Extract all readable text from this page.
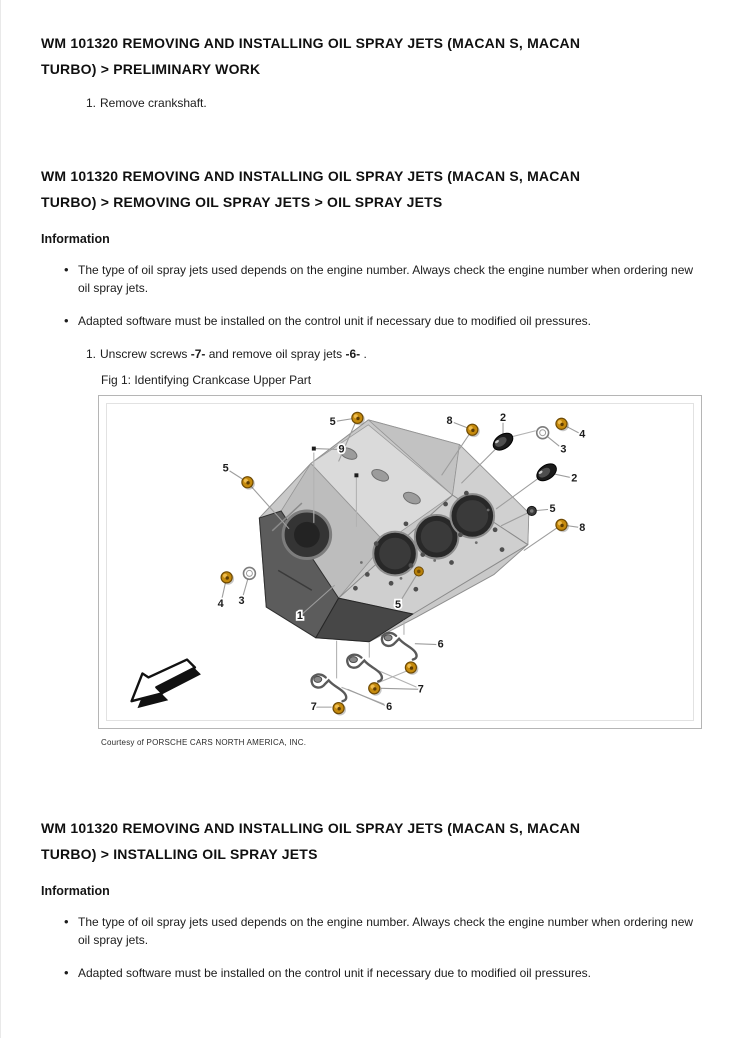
WM 101320 REMOVING AND INSTALLING OIL SPRAY JETS (MACAN S, MACAN
TURBO) > PRELIMINARY WORK
1. Remove crankshaft.
WM 101320 REMOVING AND INSTALLING OIL SPRAY JETS (MACAN S, MACAN
TURBO) > REMOVING OIL SPRAY JETS > OIL SPRAY JETS
Information
• The type of oil spray jets used depends on the engine number. Always check the engine number when ordering new oil spray jets.
• Adapted software must be installed on the control unit if necessary due to modified oil pressures.
1. Unscrew screws -7- and remove oil spray jets -6- .
Fig 1: Identifying Crankcase Upper Part
5	8	2
3
4
2
5
8
5
9
4 3
1
5
6
7
7	6
Courtesy of PORSCHE CARS NORTH AMERICA, INC.
WM 101320 REMOVING AND INSTALLING OIL SPRAY JETS (MACAN S, MACAN
TURBO) > INSTALLING OIL SPRAY JETS
Information
• The type of oil spray jets used depends on the engine number. Always check the engine number when ordering new oil spray jets.
• Adapted software must be installed on the control unit if necessary due to modified oil pressures.
